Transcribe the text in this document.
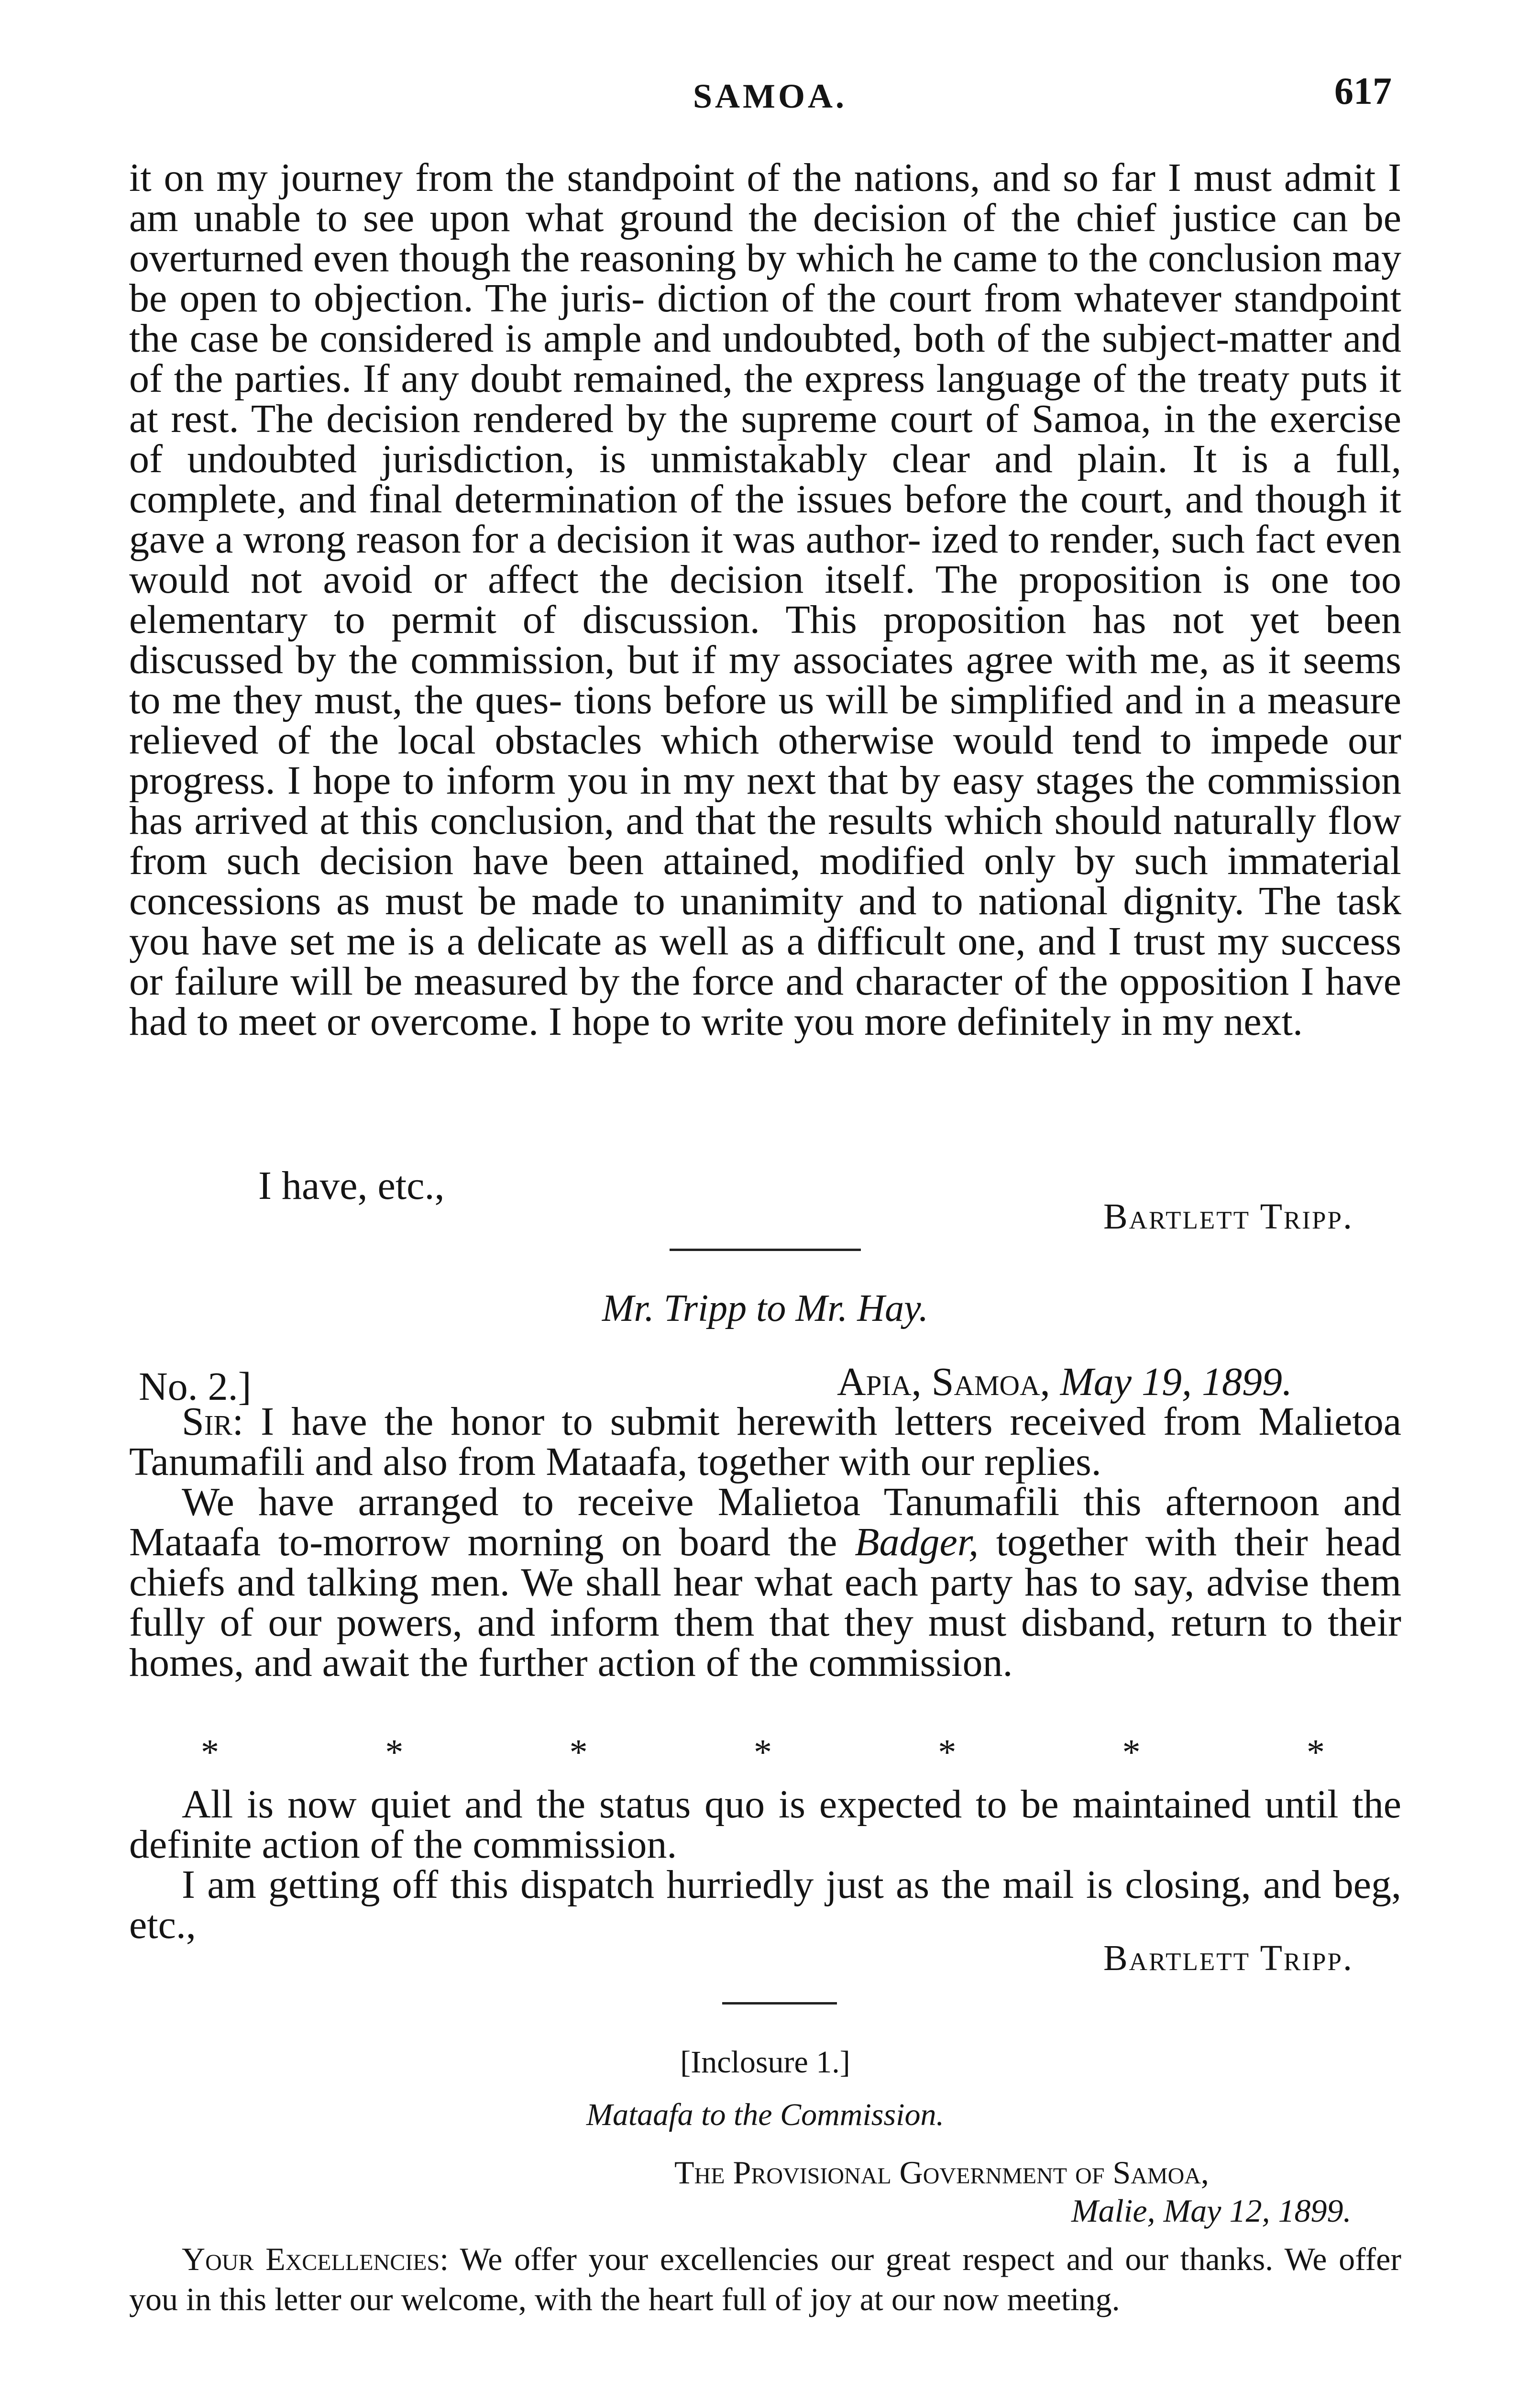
SAMOA.	617

it on my journey from the standpoint of the nations, and so far I must admit I am unable to see upon what ground the decision of the chief justice can be overturned even though the reasoning by which he came to the conclusion may be open to objection. The juris- diction of the court from whatever standpoint the case be considered is ample and undoubted, both of the subject-matter and of the parties. If any doubt remained, the express language of the treaty puts it at rest. The decision rendered by the supreme court of Samoa, in the exercise of undoubted jurisdiction, is unmistakably clear and plain. It is a full, complete, and final determination of the issues before the court, and though it gave a wrong reason for a decision it was author- ized to render, such fact even would not avoid or affect the decision itself. The proposition is one too elementary to permit of discussion. This proposition has not yet been discussed by the commission, but if my associates agree with me, as it seems to me they must, the ques- tions before us will be simplified and in a measure relieved of the local obstacles which otherwise would tend to impede our progress. I hope to inform you in my next that by easy stages the commission has arrived at this conclusion, and that the results which should naturally flow from such decision have been attained, modified only by such immaterial concessions as must be made to unanimity and to national dignity. The task you have set me is a delicate as well as a difficult one, and I trust my success or failure will be measured by the force and character of the opposition I have had to meet or overcome. I hope to write you more definitely in my next.

I have, etc.,
Bartlett Tripp.
Mr. Tripp to Mr. Hay.
No. 2.]	Apia, Samoa, May 19, 1899.

Sir: I have the honor to submit herewith letters received from Malietoa Tanumafili and also from Mataafa, together with our replies.

We have arranged to receive Malietoa Tanumafili this afternoon and Mataafa to-morrow morning on board the Badger, together with their head chiefs and talking men. We shall hear what each party has to say, advise them fully of our powers, and inform them that they must disband, return to their homes, and await the further action of the commission.

*	*	*	*	*	*	*

All is now quiet and the status quo is expected to be maintained until the definite action of the commission.

I am getting off this dispatch hurriedly just as the mail is closing, and beg, etc.,

Bartlett Tripp.
[Inclosure 1.]
Mataafa to the Commission.
The Provisional Government of Samoa,
Malie, May 12, 1899.

Your Excellencies: We offer your excellencies our great respect and our thanks. We offer you in this letter our welcome, with the heart full of joy at our now meeting.
